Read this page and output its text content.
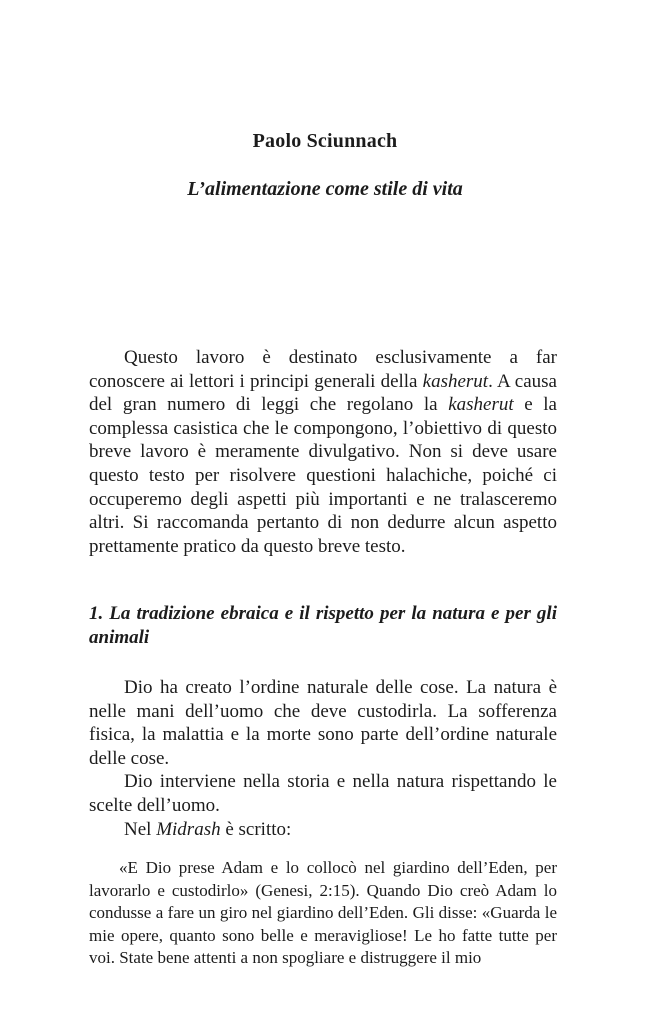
Paolo Sciunnach
L’alimentazione come stile di vita

Questo lavoro è destinato esclusivamente a far conoscere ai lettori i principi generali della kasherut. A causa del gran numero di leggi che regolano la kasherut e la complessa casistica che le compongono, l’obiettivo di questo breve lavoro è meramente divulgativo. Non si deve usare questo testo per risolvere questioni halachiche, poiché ci occuperemo degli aspetti più importanti e ne tralasceremo altri. Si raccomanda pertanto di non dedurre alcun aspetto prettamente pratico da questo breve testo.

1. La tradizione ebraica e il rispetto per la natura e per gli animali

Dio ha creato l’ordine naturale delle cose. La natura è nelle mani dell’uomo che deve custodirla. La sofferenza fisica, la malattia e la morte sono parte dell’ordine naturale delle cose.

Dio interviene nella storia e nella natura rispettando le scelte dell’uomo.

Nel Midrash è scritto:

«E Dio prese Adam e lo collocò nel giardino dell’Eden, per lavorarlo e custodirlo» (Genesi, 2:15). Quando Dio creò Adam lo condusse a fare un giro nel giardino dell’Eden. Gli disse: «Guarda le mie opere, quanto sono belle e meravigliose! Le ho fatte tutte per voi. State bene attenti a non spogliare e distruggere il mio
